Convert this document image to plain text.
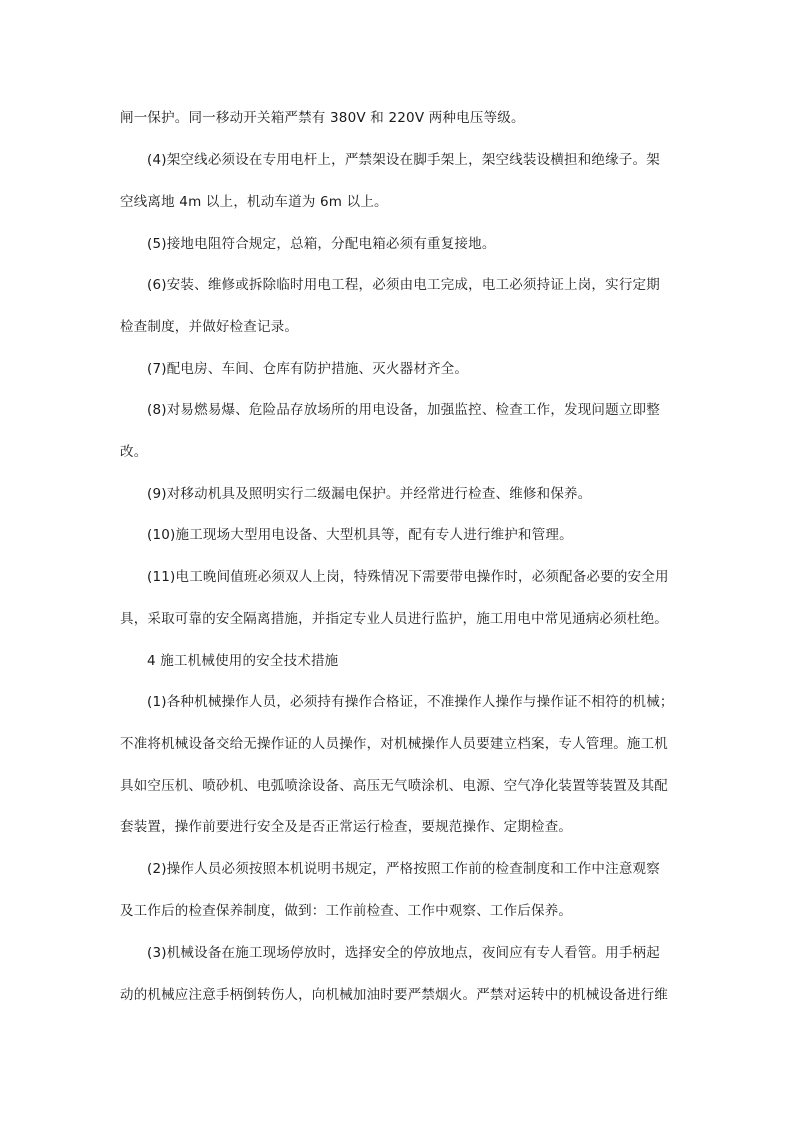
闸一保护。同一移动开关箱严禁有 380V 和 220V 两种电压等级。
(4)架空线必须设在专用电杆上，严禁架设在脚手架上，架空线装设横担和绝缘子。架
空线离地 4m 以上，机动车道为 6m 以上。
(5)接地电阻符合规定，总箱，分配电箱必须有重复接地。
(6)安装、维修或拆除临时用电工程，必须由电工完成，电工必须持证上岗，实行定期
检查制度，并做好检查记录。
(7)配电房、车间、仓库有防护措施、灭火器材齐全。
(8)对易燃易爆、危险品存放场所的用电设备，加强监控、检查工作，发现问题立即整
改。
(9)对移动机具及照明实行二级漏电保护。并经常进行检查、维修和保养。
(10)施工现场大型用电设备、大型机具等，配有专人进行维护和管理。
(11)电工晚间值班必须双人上岗，特殊情况下需要带电操作时，必须配备必要的安全用
具，采取可靠的安全隔离措施，并指定专业人员进行监护，施工用电中常见通病必须杜绝。
4 施工机械使用的安全技术措施
(1)各种机械操作人员，必须持有操作合格证，不准操作人操作与操作证不相符的机械；
不准将机械设备交给无操作证的人员操作，对机械操作人员要建立档案，专人管理。施工机
具如空压机、喷砂机、电弧喷涂设备、高压无气喷涂机、电源、空气净化装置等装置及其配
套装置，操作前要进行安全及是否正常运行检查，要规范操作、定期检查。
(2)操作人员必须按照本机说明书规定，严格按照工作前的检查制度和工作中注意观察
及工作后的检查保养制度，做到：工作前检查、工作中观察、工作后保养。
(3)机械设备在施工现场停放时，选择安全的停放地点，夜间应有专人看管。用手柄起
动的机械应注意手柄倒转伤人，向机械加油时要严禁烟火。严禁对运转中的机械设备进行维
